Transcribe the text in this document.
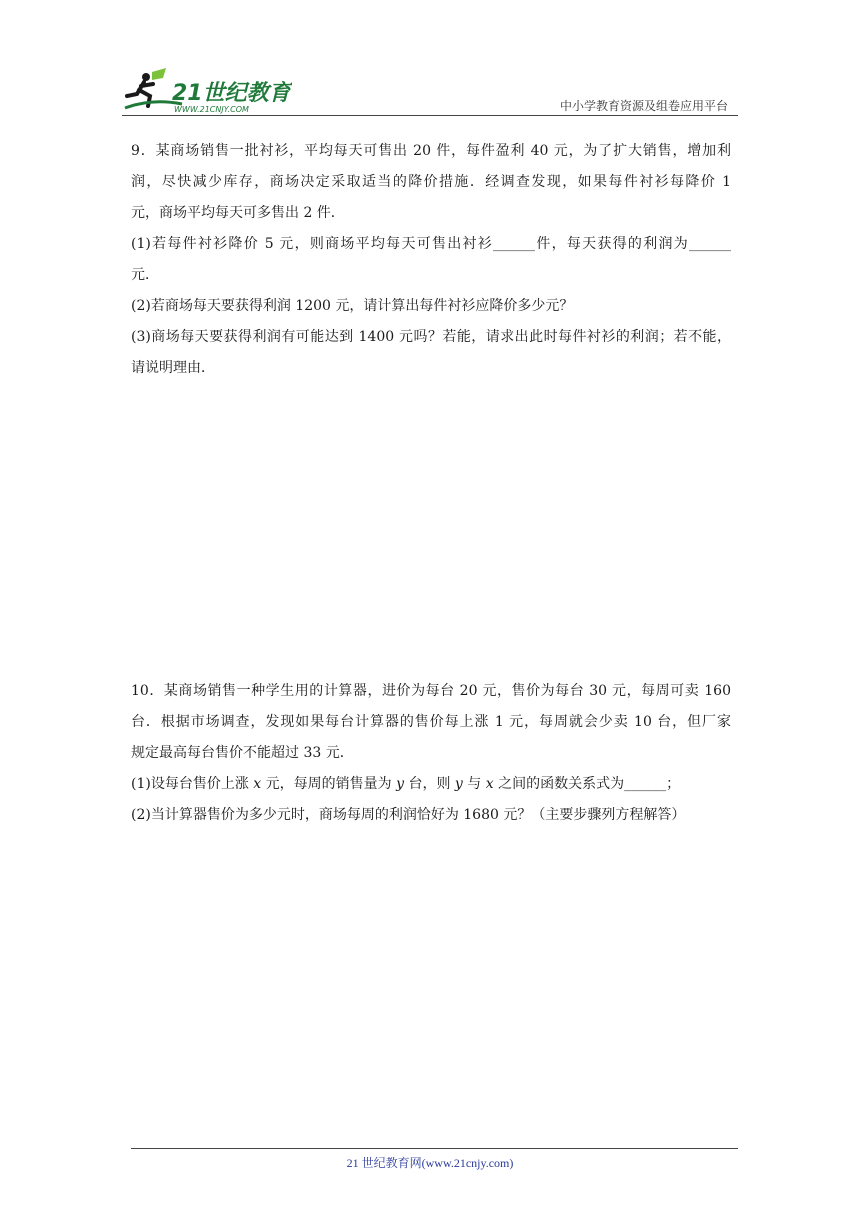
21世纪教育
WWW.21CNJY.COM	中小学教育资源及组卷应用平台
9．某商场销售一批衬衫，平均每天可售出 20 件，每件盈利 40 元，为了扩大销售，增加利
润，尽快减少库存，商场决定采取适当的降价措施．经调查发现，如果每件衬衫每降价 1
元，商场平均每天可多售出 2 件．
(1)若每件衬衫降价 5 元，则商场平均每天可售出衬衫______件，每天获得的利润为______
元．
(2)若商场每天要获得利润 1200 元，请计算出每件衬衫应降价多少元？
(3)商场每天要获得利润有可能达到 1400 元吗？若能，请求出此时每件衬衫的利润；若不能，
请说明理由．
10．某商场销售一种学生用的计算器，进价为每台 20 元，售价为每台 30 元，每周可卖 160
台．根据市场调查，发现如果每台计算器的售价每上涨 1 元，每周就会少卖 10 台，但厂家
规定最高每台售价不能超过 33 元．
(1)设每台售价上涨 x 元，每周的销售量为 y 台，则 y 与 x 之间的函数关系式为______；
(2)当计算器售价为多少元时，商场每周的利润恰好为 1680 元？（主要步骤列方程解答）
21 世纪教育网(www.21cnjy.com)
